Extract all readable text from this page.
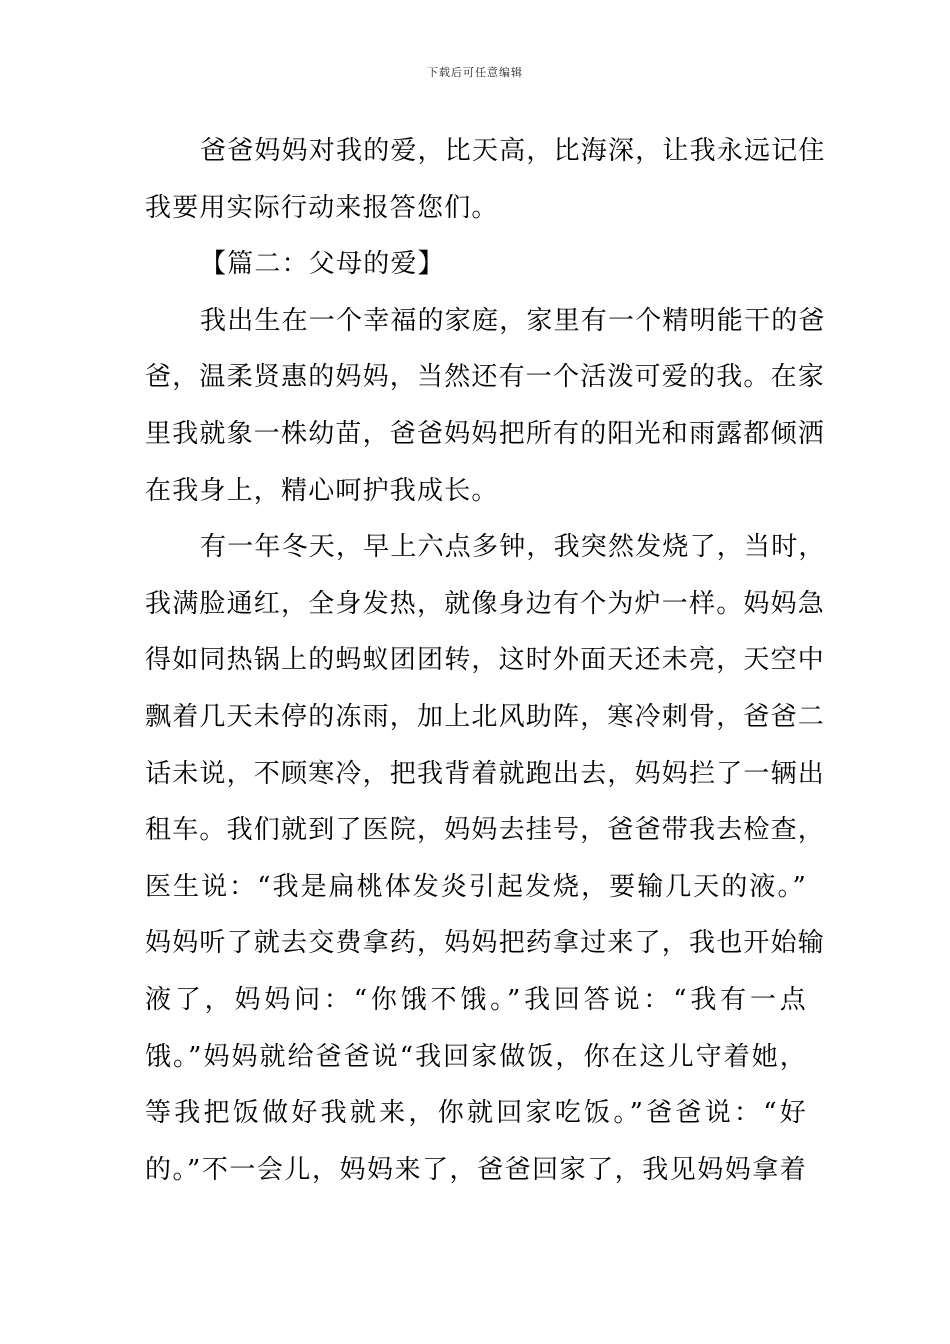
下载后可任意编辑
爸爸妈妈对我的爱，比天高，比海深，让我永远记住
我要用实际行动来报答您们。
【篇二：父母的爱】
我出生在一个幸福的家庭，家里有一个精明能干的爸
爸，温柔贤惠的妈妈，当然还有一个活泼可爱的我。在家
里我就象一株幼苗，爸爸妈妈把所有的阳光和雨露都倾洒
在我身上，精心呵护我成长。
有一年冬天，早上六点多钟，我突然发烧了，当时，
我满脸通红，全身发热，就像身边有个为炉一样。妈妈急
得如同热锅上的蚂蚁团团转，这时外面天还未亮，天空中
飘着几天未停的冻雨，加上北风助阵，寒冷刺骨，爸爸二
话未说，不顾寒冷，把我背着就跑出去，妈妈拦了一辆出
租车。我们就到了医院，妈妈去挂号，爸爸带我去检查，
医生说：“我是扁桃体发炎引起发烧，要输几天的液。”
妈妈听了就去交费拿药，妈妈把药拿过来了，我也开始输
液了，妈妈问：“你饿不饿。”我回答说：“我有一点
饿。”妈妈就给爸爸说“我回家做饭，你在这儿守着她，
等我把饭做好我就来，你就回家吃饭。”爸爸说：“好
的。”不一会儿，妈妈来了，爸爸回家了，我见妈妈拿着
